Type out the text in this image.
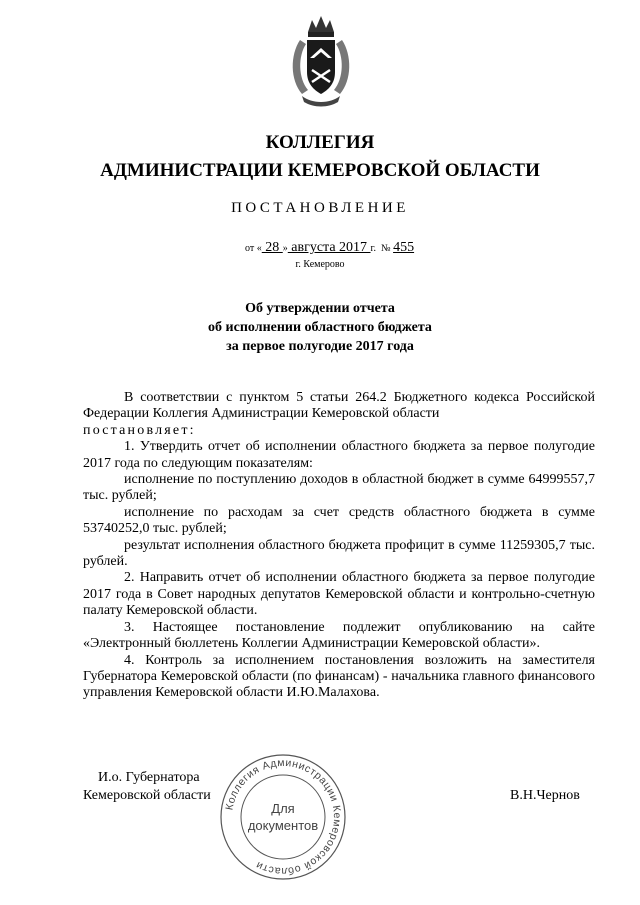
КОЛЛЕГИЯ
АДМИНИСТРАЦИИ КЕМЕРОВСКОЙ ОБЛАСТИ
ПОСТАНОВЛЕНИЕ
от « 28 » августа 2017 г. № 455
г. Кемерово
Об утверждении отчета
об исполнении областного бюджета
за первое полугодие 2017 года

В соответствии с пунктом 5 статьи 264.2 Бюджетного кодекса Российской Федерации Коллегия Администрации Кемеровской области

постановляет:

1. Утвердить отчет об исполнении областного бюджета за первое полугодие 2017 года по следующим показателям:

исполнение по поступлению доходов в областной бюджет в сумме 64999557,7 тыс. рублей;

исполнение по расходам за счет средств областного бюджета в сумме 53740252,0 тыс. рублей;

результат исполнения областного бюджета профицит в сумме 11259305,7 тыс. рублей.

2. Направить отчет об исполнении областного бюджета за первое полугодие 2017 года в Совет народных депутатов Кемеровской области и контрольно-счетную палату Кемеровской области.

3. Настоящее постановление подлежит опубликованию на сайте «Электронный бюллетень Коллегии Администрации Кемеровской области».

4. Контроль за исполнением постановления возложить на заместителя Губернатора Кемеровской области (по финансам) - начальника главного финансового управления Кемеровской области И.Ю.Малахова.

И.о. Губернатора
Кемеровской области	В.Н.Чернов
Коллегия Администрации Кемеровской области
Для
документов
